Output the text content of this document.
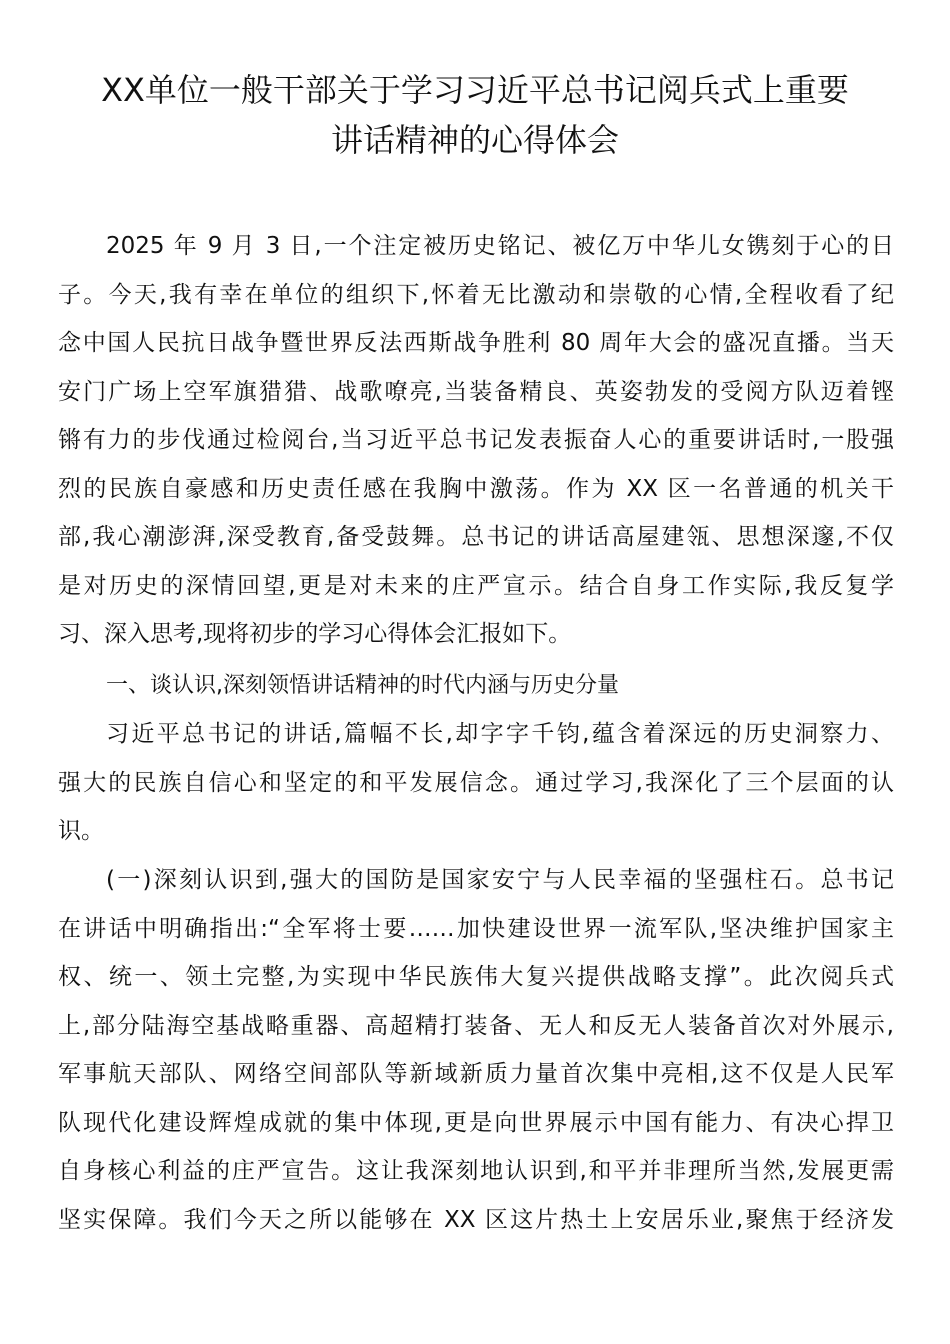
XX单位一般干部关于学习习近平总书记阅兵式上重要
讲话精神的心得体会
2025 年 9 月 3 日,一个注定被历史铭记、被亿万中华儿女镌刻于心的日
子。今天,我有幸在单位的组织下,怀着无比激动和崇敬的心情,全程收看了纪
念中国人民抗日战争暨世界反法西斯战争胜利 80 周年大会的盛况直播。当天
安门广场上空军旗猎猎、战歌嘹亮,当装备精良、英姿勃发的受阅方队迈着铿
锵有力的步伐通过检阅台,当习近平总书记发表振奋人心的重要讲话时,一股强
烈的民族自豪感和历史责任感在我胸中激荡。作为 XX 区一名普通的机关干
部,我心潮澎湃,深受教育,备受鼓舞。总书记的讲话高屋建瓴、思想深邃,不仅
是对历史的深情回望,更是对未来的庄严宣示。结合自身工作实际,我反复学
习、深入思考,现将初步的学习心得体会汇报如下。
一、谈认识,深刻领悟讲话精神的时代内涵与历史分量
习近平总书记的讲话,篇幅不长,却字字千钧,蕴含着深远的历史洞察力、
强大的民族自信心和坚定的和平发展信念。通过学习,我深化了三个层面的认
识。
(一)深刻认识到,强大的国防是国家安宁与人民幸福的坚强柱石。总书记
在讲话中明确指出:“全军将士要……加快建设世界一流军队,坚决维护国家主
权、统一、领土完整,为实现中华民族伟大复兴提供战略支撑”。此次阅兵式
上,部分陆海空基战略重器、高超精打装备、无人和反无人装备首次对外展示,
军事航天部队、网络空间部队等新域新质力量首次集中亮相,这不仅是人民军
队现代化建设辉煌成就的集中体现,更是向世界展示中国有能力、有决心捍卫
自身核心利益的庄严宣告。这让我深刻地认识到,和平并非理所当然,发展更需
坚实保障。我们今天之所以能够在 XX 区这片热土上安居乐业,聚焦于经济发
